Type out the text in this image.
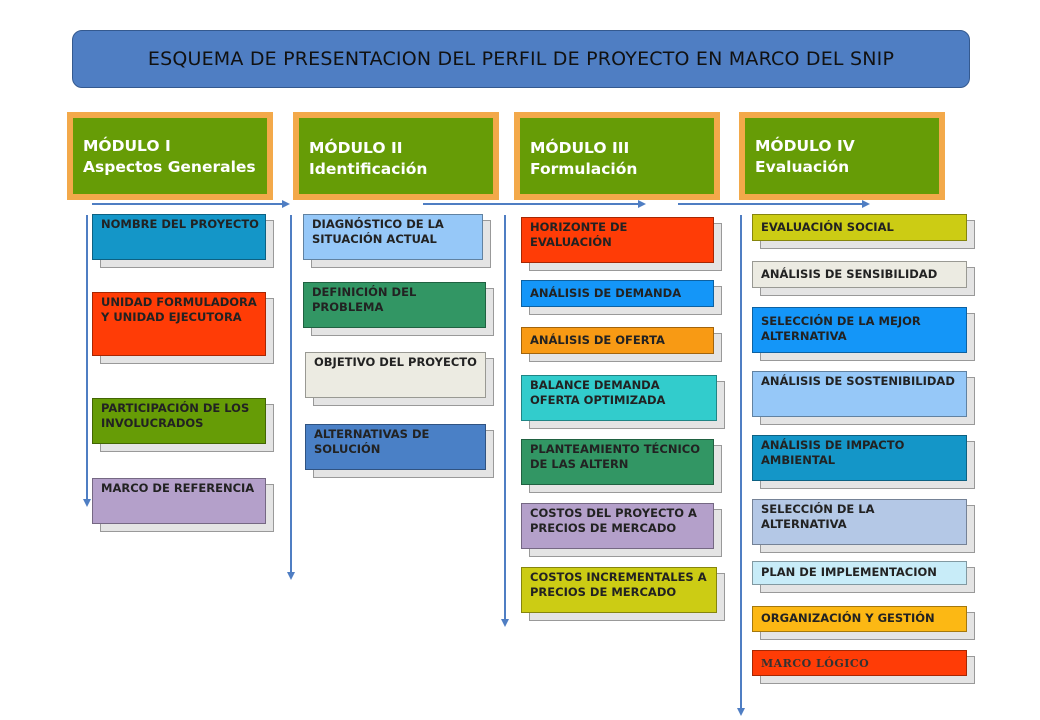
ESQUEMA DE PRESENTACION DEL PERFIL DE PROYECTO EN MARCO DEL SNIP
MÓDULO I
Aspectos Generales
MÓDULO II
Identificación
MÓDULO III
Formulación
MÓDULO IV
Evaluación
NOMBRE DEL PROYECTO
UNIDAD FORMULADORA Y UNIDAD EJECUTORA
PARTICIPACIÓN DE LOS INVOLUCRADOS
MARCO DE REFERENCIA
DIAGNÓSTICO DE LA SITUACIÓN ACTUAL
DEFINICIÓN DEL PROBLEMA
OBJETIVO DEL PROYECTO
ALTERNATIVAS DE SOLUCIÓN
HORIZONTE DE EVALUACIÓN
ANÁLISIS DE DEMANDA
ANÁLISIS DE OFERTA
BALANCE DEMANDA OFERTA OPTIMIZADA
PLANTEAMIENTO TÉCNICO DE LAS ALTERN
COSTOS DEL PROYECTO A PRECIOS DE MERCADO
COSTOS INCREMENTALES A PRECIOS DE MERCADO
EVALUACIÓN SOCIAL
ANÁLISIS DE SENSIBILIDAD
SELECCIÓN DE LA MEJOR ALTERNATIVA
ANÁLISIS DE SOSTENIBILIDAD
ANÁLISIS DE IMPACTO AMBIENTAL
SELECCIÓN DE LA ALTERNATIVA
PLAN DE IMPLEMENTACION
ORGANIZACIÓN Y GESTIÓN
MARCO LÓGICO
